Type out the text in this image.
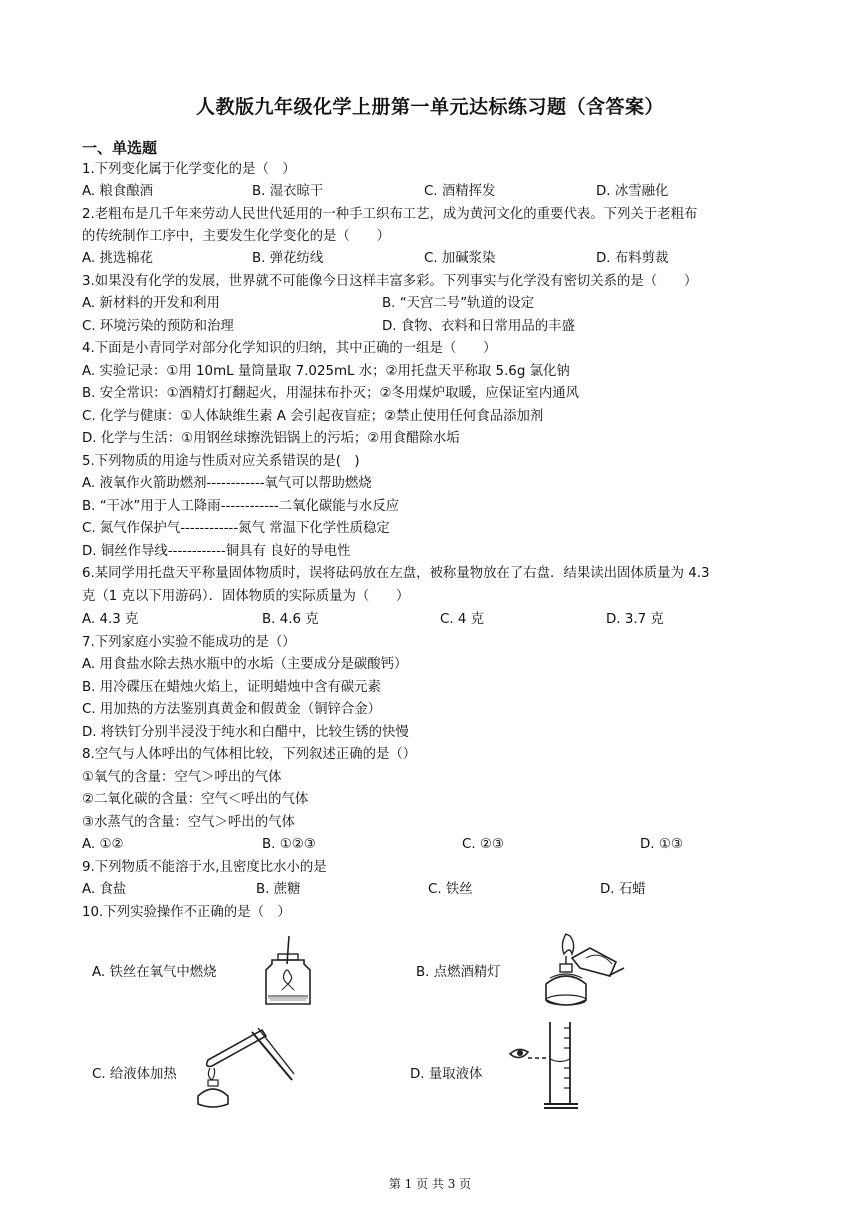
人教版九年级化学上册第一单元达标练习题（含答案）
一、单选题
1.下列变化属于化学变化的是（　）
A. 粮食酿酒	B. 湿衣晾干	C. 酒精挥发	D. 冰雪融化
2.老粗布是几千年来劳动人民世代延用的一种手工织布工艺，成为黄河文化的重要代表。下列关于老粗布
的传统制作工序中，主要发生化学变化的是（　　）
A. 挑选棉花	B. 弹花纺线	C. 加碱浆染	D. 布料剪裁
3.如果没有化学的发展，世界就不可能像今日这样丰富多彩。下列事实与化学没有密切关系的是（　　）
A. 新材料的开发和利用	B. “天宫二号”轨道的设定
C. 环境污染的预防和治理	D. 食物、衣料和日常用品的丰盛
4.下面是小青同学对部分化学知识的归纳，其中正确的一组是（　　）
A. 实验记录：①用 10mL 量筒量取 7.025mL 水；②用托盘天平称取 5.6g 氯化钠
B. 安全常识：①酒精灯打翻起火，用湿抹布扑灭；②冬用煤炉取暖，应保证室内通风
C. 化学与健康：①人体缺维生素 A 会引起夜盲症；②禁止使用任何食品添加剂
D. 化学与生活：①用钢丝球擦洗铝锅上的污垢；②用食醋除水垢
5.下列物质的用途与性质对应关系错误的是(　)
A. 液氧作火箭助燃剂------------氧气可以帮助燃烧
B. “干冰”用于人工降雨------------二氧化碳能与水反应
C. 氮气作保护气------------氮气 常温下化学性质稳定
D. 铜丝作导线------------铜具有 良好的导电性
6.某同学用托盘天平称量固体物质时，误将砝码放在左盘，被称量物放在了右盘．结果读出固体质量为 4.3
克（1 克以下用游码）．固体物质的实际质量为（　　）
A. 4.3 克	B. 4.6 克	C. 4 克	D. 3.7 克
7.下列家庭小实验不能成功的是（）
A. 用食盐水除去热水瓶中的水垢（主要成分是碳酸钙）
B. 用冷碟压在蜡烛火焰上，证明蜡烛中含有碳元素
C. 用加热的方法鉴别真黄金和假黄金（铜锌合金）
D. 将铁钉分别半浸没于纯水和白醋中，比较生锈的快慢
8.空气与人体呼出的气体相比较，下列叙述正确的是（）
①氧气的含量：空气＞呼出的气体
②二氧化碳的含量：空气＜呼出的气体
③水蒸气的含量：空气＞呼出的气体
A. ①②	B. ①②③	C. ②③	D. ①③
9.下列物质不能溶于水,且密度比水小的是
A. 食盐	B. 蔗糖	C. 铁丝	D. 石蜡
10.下列实验操作不正确的是（　）
A. 铁丝在氧气中燃烧	B. 点燃酒精灯
C. 给液体加热	D. 量取液体
第 1 页 共 3 页
